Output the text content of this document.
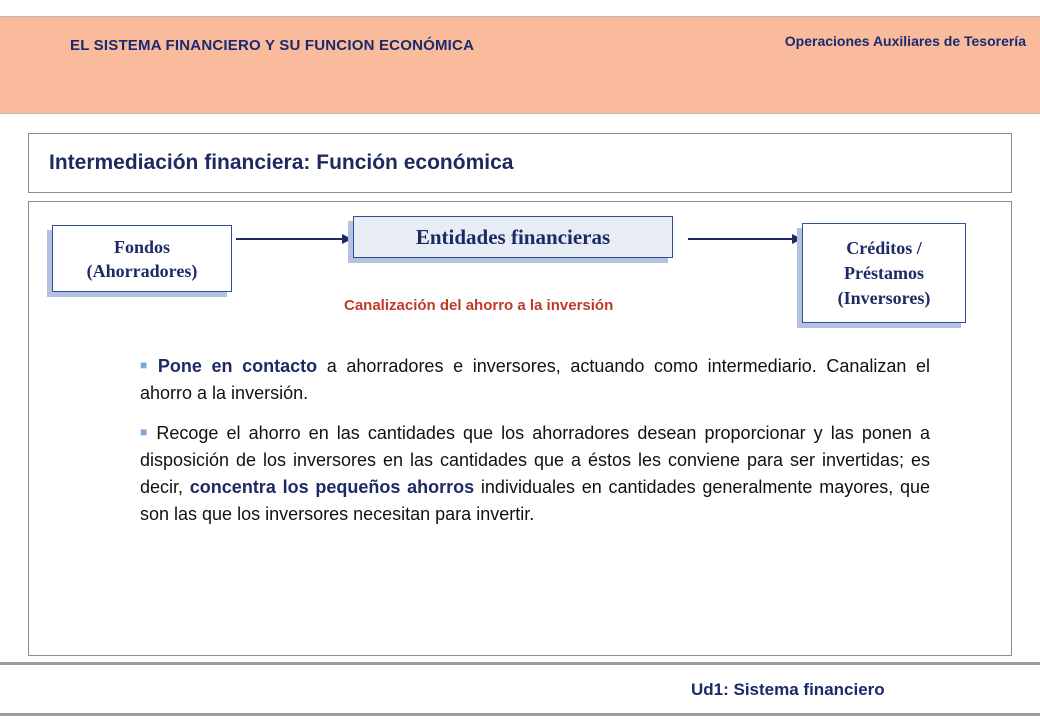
EL SISTEMA FINANCIERO Y SU FUNCION ECONÓMICA	Operaciones Auxiliares de Tesorería
Intermediación financiera: Función económica
Fondos
(Ahorradores)
Entidades financieras	Créditos /
Préstamos
(Inversores)
Canalización del ahorro a la inversión

■ Pone en contacto a ahorradores e inversores, actuando como intermediario. Canalizan el ahorro a la inversión.

■ Recoge el ahorro en las cantidades que los ahorradores desean proporcionar y las ponen a disposición de los inversores en las cantidades que a éstos les conviene para ser invertidas; es decir, concentra los pequeños ahorros individuales en cantidades generalmente mayores, que son las que los inversores necesitan para invertir.

Ud1: Sistema financiero
